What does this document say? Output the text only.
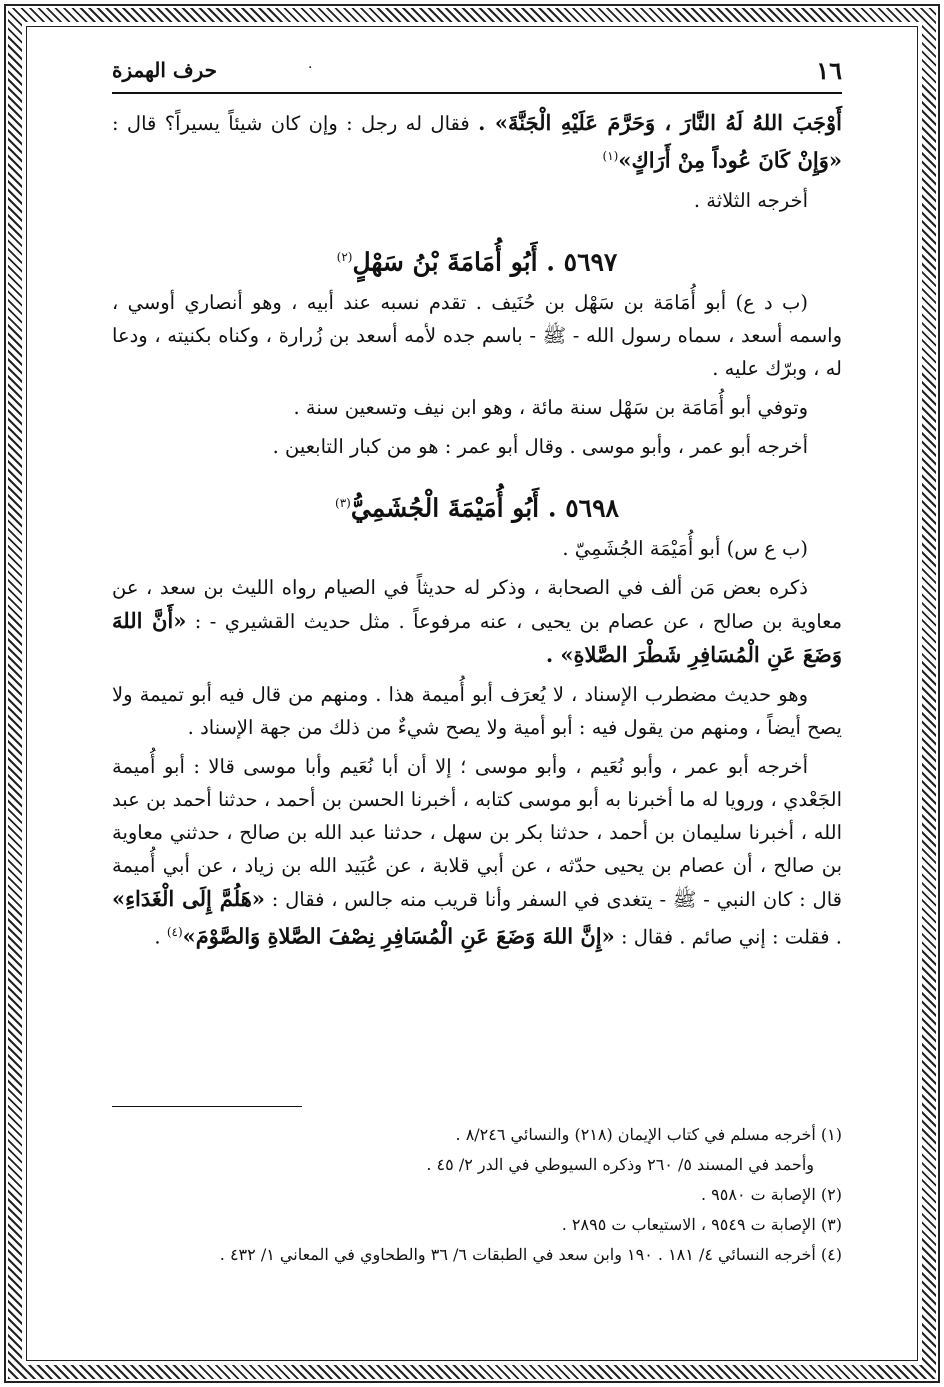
١٦
·
حرف الهمزة

أَوْجَبَ اللهُ لَهُ النَّارَ ، وَحَرَّمَ عَلَيْهِ الْجَنَّةَ» . فقال له رجل : وإن كان شيئاً يسيراً؟ قال : «وَإِنْ كَانَ عُوداً مِنْ أَرَاكٍ»$^{(١)}$

أخرجه الثلاثة .

٥٦٩٧ . أَبُو أُمَامَةَ بْنُ سَهْلٍ$^{(٢)}$

(ب د ع) أبو أُمَامَة بن سَهْل بن حُنَيف . تقدم نسبه عند أبيه ، وهو أنصاري أوسي ، واسمه أسعد ، سماه رسول الله - ﷺ - باسم جده لأمه أسعد بن زُرارة ، وكناه بكنيته ، ودعا له ، وبرّك عليه .

وتوفي أبو أُمَامَة بن سَهْل سنة مائة ، وهو ابن نيف وتسعين سنة .

أخرجه أبو عمر ، وأبو موسى . وقال أبو عمر : هو من كبار التابعين .

٥٦٩٨ . أَبُو أُمَيْمَةَ الْجُشَمِيُّ$^{(٣)}$

(ب ع س) أبو أُمَيْمَة الجُشَمِيّ .

ذكره بعض مَن ألف في الصحابة ، وذكر له حديثاً في الصيام رواه الليث بن سعد ، عن معاوية بن صالح ، عن عصام بن يحيى ، عنه مرفوعاً . مثل حديث القشيري - : «أَنَّ اللهَ وَضَعَ عَنِ الْمُسَافِرِ شَطْرَ الصَّلاةِ» .

وهو حديث مضطرب الإسناد ، لا يُعرَف أبو أُميمة هذا . ومنهم من قال فيه أبو تميمة ولا يصح أيضاً ، ومنهم من يقول فيه : أبو أمية ولا يصح شيءٌ من ذلك من جهة الإسناد .

أخرجه أبو عمر ، وأبو نُعَيم ، وأبو موسى ؛ إلا أن أبا نُعَيم وأبا موسى قالا : أبو أُميمة الجَعْدي ، ورويا له ما أخبرنا به أبو موسى كتابه ، أخبرنا الحسن بن أحمد ، حدثنا أحمد بن عبد الله ، أخبرنا سليمان بن أحمد ، حدثنا بكر بن سهل ، حدثنا عبد الله بن صالح ، حدثني معاوية بن صالح ، أن عصام بن يحيى حدّثه ، عن أبي قلابة ، عن عُبَيد الله بن زياد ، عن أبي أُميمة قال : كان النبي - ﷺ - يتغدى في السفر وأنا قريب منه جالس ، فقال : «هَلُمَّ إِلَى الْغَدَاءِ» . فقلت : إني صائم . فقال : «إِنَّ اللهَ وَضَعَ عَنِ الْمُسَافِرِ نِصْفَ الصَّلاةِ وَالصَّوْمَ»$^{(٤)}$ .

(١) أخرجه مسلم في كتاب الإيمان (٢١٨) والنسائي ٨/٢٤٦ .

وأحمد في المسند ٥/ ٢٦٠ وذكره السيوطي في الدر ٢/ ٤٥ .

(٢) الإصابة ت ٩٥٨٠ .

(٣) الإصابة ت ٩٥٤٩ ، الاستيعاب ت ٢٨٩٥ .

(٤) أخرجه النسائي ٤/ ١٨١ . ١٩٠ وابن سعد في الطبقات ٦/ ٣٦ والطحاوي في المعاني ١/ ٤٣٢ .
